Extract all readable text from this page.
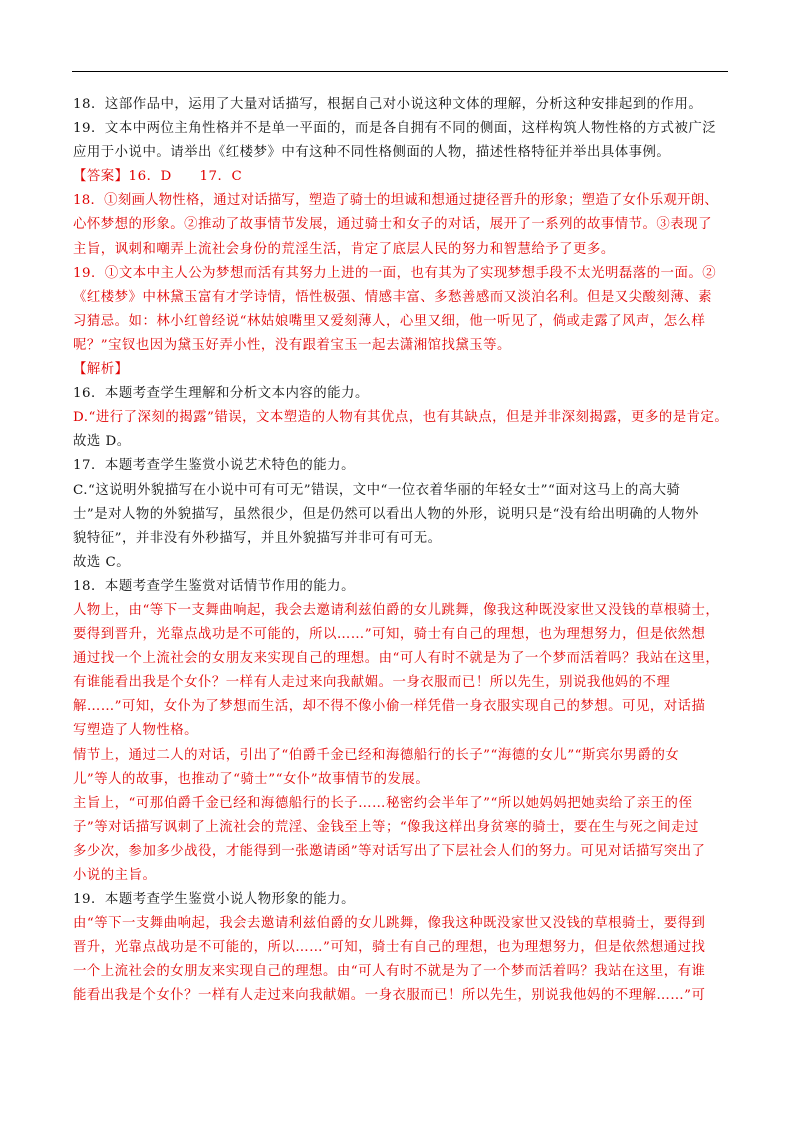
18．这部作品中，运用了大量对话描写，根据自己对小说这种文体的理解，分析这种安排起到的作用。
19．文本中两位主角性格并不是单一平面的，而是各自拥有不同的侧面，这样构筑人物性格的方式被广泛
应用于小说中。请举出《红楼梦》中有这种不同性格侧面的人物，描述性格特征并举出具体事例。
【答案】16．D　　17．C
18．①刻画人物性格，通过对话描写，塑造了骑士的坦诚和想通过捷径晋升的形象；塑造了女仆乐观开朗、
心怀梦想的形象。②推动了故事情节发展，通过骑士和女子的对话，展开了一系列的故事情节。③表现了
主旨，讽刺和嘲弄上流社会身份的荒淫生活，肯定了底层人民的努力和智慧给予了更多。
19．①文本中主人公为梦想而活有其努力上进的一面，也有其为了实现梦想手段不太光明磊落的一面。②
《红楼梦》中林黛玉富有才学诗情，悟性极强、情感丰富、多愁善感而又淡泊名利。但是又尖酸刻薄、素
习猜忌。如：林小红曾经说“林姑娘嘴里又爱刻薄人，心里又细，他一听见了，倘或走露了风声，怎么样
呢？”宝钗也因为黛玉好弄小性，没有跟着宝玉一起去潇湘馆找黛玉等。
【解析】
16．本题考查学生理解和分析文本内容的能力。
D.“进行了深刻的揭露”错误，文本塑造的人物有其优点，也有其缺点，但是并非深刻揭露，更多的是肯定。
故选 D。
17．本题考查学生鉴赏小说艺术特色的能力。
C.“这说明外貌描写在小说中可有可无”错误，文中“一位衣着华丽的年轻女士”“面对这马上的高大骑
士”是对人物的外貌描写，虽然很少，但是仍然可以看出人物的外形，说明只是“没有给出明确的人物外
貌特征”，并非没有外秒描写，并且外貌描写并非可有可无。
故选 C。
18．本题考查学生鉴赏对话情节作用的能力。
人物上，由“等下一支舞曲响起，我会去邀请利兹伯爵的女儿跳舞，像我这种既没家世又没钱的草根骑士，
要得到晋升，光靠点战功是不可能的，所以……”可知，骑士有自己的理想，也为理想努力，但是依然想
通过找一个上流社会的女朋友来实现自己的理想。由“可人有时不就是为了一个梦而活着吗？我站在这里，
有谁能看出我是个女仆？一样有人走过来向我献媚。一身衣服而已！所以先生，别说我他妈的不理
解……”可知，女仆为了梦想而生活，却不得不像小偷一样凭借一身衣服实现自己的梦想。可见，对话描
写塑造了人物性格。
情节上，通过二人的对话，引出了“伯爵千金已经和海德船行的长子”“海德的女儿”“斯宾尔男爵的女
儿”等人的故事，也推动了“骑士”“女仆”故事情节的发展。
主旨上，“可那伯爵千金已经和海德船行的长子……秘密约会半年了”“所以她妈妈把她卖给了亲王的侄
子”等对话描写讽刺了上流社会的荒淫、金钱至上等；“像我这样出身贫寒的骑士，要在生与死之间走过
多少次，参加多少战役，才能得到一张邀请函”等对话写出了下层社会人们的努力。可见对话描写突出了
小说的主旨。
19．本题考查学生鉴赏小说人物形象的能力。
由“等下一支舞曲响起，我会去邀请利兹伯爵的女儿跳舞，像我这种既没家世又没钱的草根骑士，要得到
晋升，光靠点战功是不可能的，所以……”可知，骑士有自己的理想，也为理想努力，但是依然想通过找
一个上流社会的女朋友来实现自己的理想。由“可人有时不就是为了一个梦而活着吗？我站在这里，有谁
能看出我是个女仆？一样有人走过来向我献媚。一身衣服而已！所以先生，别说我他妈的不理解……”可
